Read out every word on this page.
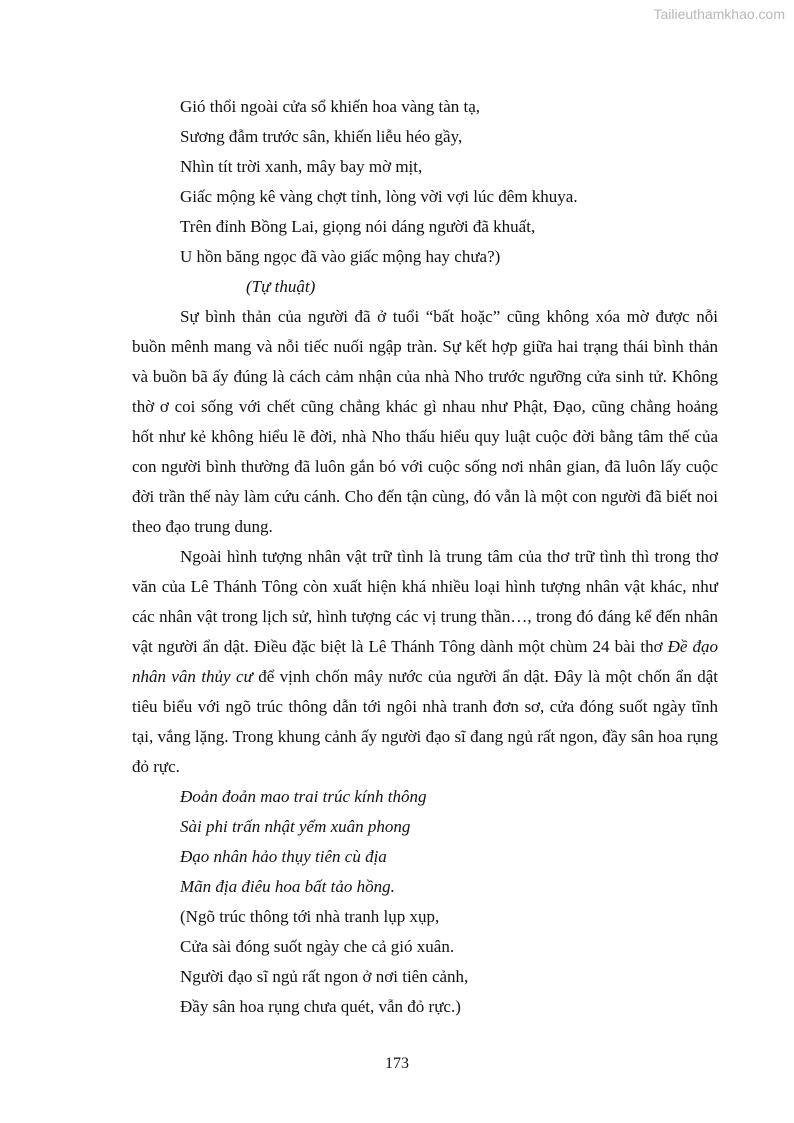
Tailieuthamkhao.com
Gió thổi ngoài cửa sổ khiến hoa vàng tàn tạ,
Sương đẫm trước sân, khiến liễu héo gầy,
Nhìn tít trời xanh, mây bay mờ mịt,
Giấc mộng kê vàng chợt tỉnh, lòng vời vợi lúc đêm khuya.
Trên đỉnh Bồng Lai, giọng nói dáng người đã khuất,
U hồn băng ngọc đã vào giấc mộng hay chưa?)
(Tự thuật)

Sự bình thản của người đã ở tuổi “bất hoặc” cũng không xóa mờ được nỗi buồn mênh mang và nỗi tiếc nuối ngập tràn. Sự kết hợp giữa hai trạng thái bình thản và buồn bã ấy đúng là cách cảm nhận của nhà Nho trước ngưỡng cửa sinh tử. Không thờ ơ coi sống với chết cũng chẳng khác gì nhau như Phật, Đạo, cũng chẳng hoảng hốt như kẻ không hiểu lẽ đời, nhà Nho thấu hiểu quy luật cuộc đời bằng tâm thế của con người bình thường đã luôn gắn bó với cuộc sống nơi nhân gian, đã luôn lấy cuộc đời trần thế này làm cứu cánh. Cho đến tận cùng, đó vẫn là một con người đã biết noi theo đạo trung dung.

Ngoài hình tượng nhân vật trữ tình là trung tâm của thơ trữ tình thì trong thơ văn của Lê Thánh Tông còn xuất hiện khá nhiều loại hình tượng nhân vật khác, như các nhân vật trong lịch sử, hình tượng các vị trung thần…, trong đó đáng kể đến nhân vật người ẩn dật. Điều đặc biệt là Lê Thánh Tông dành một chùm 24 bài thơ Đề đạo nhân vân thủy cư để vịnh chốn mây nước của người ẩn dật. Đây là một chốn ẩn dật tiêu biểu với ngõ trúc thông dẫn tới ngôi nhà tranh đơn sơ, cửa đóng suốt ngày tĩnh tại, vắng lặng. Trong khung cảnh ấy người đạo sĩ đang ngủ rất ngon, đầy sân hoa rụng đỏ rực.

Đoản đoản mao trai trúc kính thông
Sài phi trấn nhật yểm xuân phong
Đạo nhân hảo thụy tiên cù địa
Mãn địa điêu hoa bất tảo hồng.
(Ngõ trúc thông tới nhà tranh lụp xụp,
Cửa sài đóng suốt ngày che cả gió xuân.
Người đạo sĩ ngủ rất ngon ở nơi tiên cảnh,
Đầy sân hoa rụng chưa quét, vẫn đỏ rực.)
173
